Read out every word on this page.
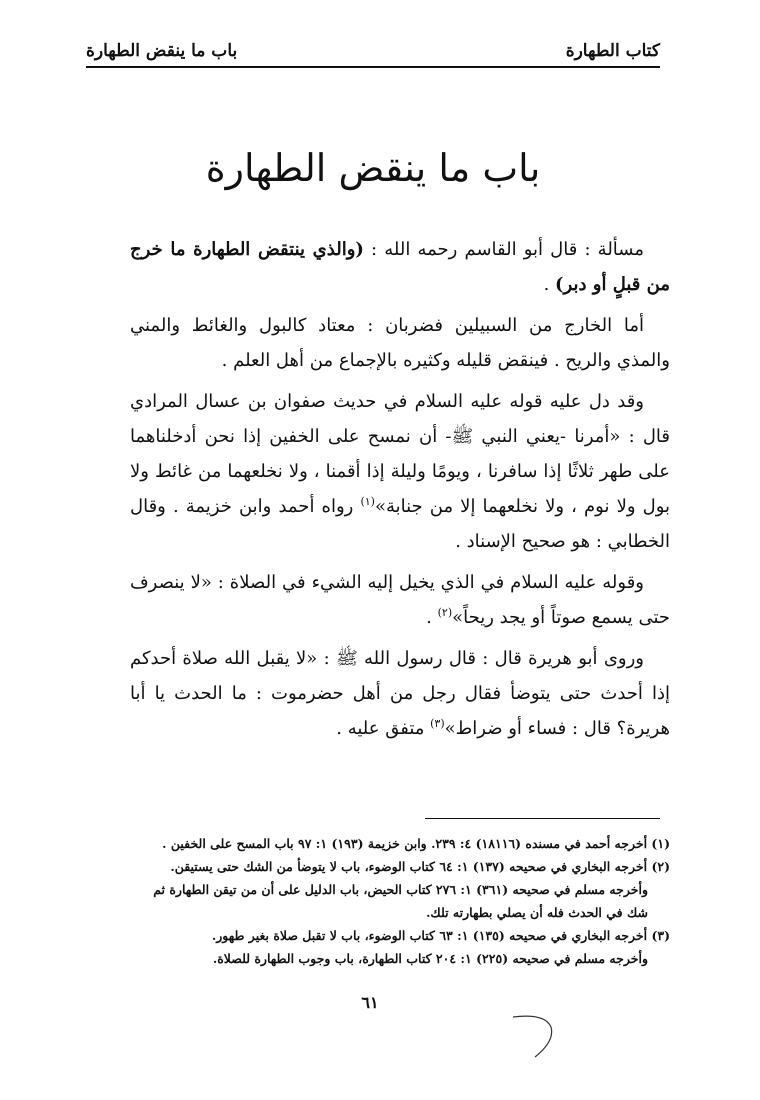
باب ما ينقض الطهارة	كتاب الطهارة
باب ما ينقض الطهارة

مسألة : قال أبو القاسم رحمه الله : (والذي ينتقض الطهارة ما خرج من قبلٍ أو دبر) .

أما الخارج من السبيلين فضربان : معتاد كالبول والغائط والمني والمذي والريح . فينقض قليله وكثيره بالإجماع من أهل العلم .

وقد دل عليه قوله عليه السلام في حديث صفوان بن عسال المرادي قال : «أمرنا -يعني النبي ﷺ- أن نمسح على الخفين إذا نحن أدخلناهما على طهر ثلاثًا إذا سافرنا ، ويومًا وليلة إذا أقمنا ، ولا نخلعهما من غائط ولا بول ولا نوم ، ولا نخلعهما إلا من جنابة»$^{(١)}$ رواه أحمد وابن خزيمة . وقال الخطابي : هو صحيح الإسناد .

وقوله عليه السلام في الذي يخيل إليه الشيء في الصلاة : «لا ينصرف حتى يسمع صوتاً أو يجد ريحاً»$^{(٢)}$ .

وروى أبو هريرة قال : قال رسول الله ﷺ : «لا يقبل الله صلاة أحدكم إذا أحدث حتى يتوضأ فقال رجل من أهل حضرموت : ما الحدث يا أبا هريرة؟ قال : فساء أو ضراط»$^{(٣)}$ متفق عليه .

(١) أخرجه أحمد في مسنده (١٨١١٦) ٤: ٢٣٩. وابن خزيمة (١٩٣) ١: ٩٧ باب المسح على الخفين .

(٢) أخرجه البخاري في صحيحه (١٣٧) ١: ٦٤ كتاب الوضوء، باب لا يتوضأ من الشك حتى يستيقن.

وأخرجه مسلم في صحيحه (٣٦١) ١: ٢٧٦ كتاب الحيض، باب الدليل على أن من تيقن الطهارة ثم شك في الحدث فله أن يصلي بطهارته تلك.

(٣) أخرجه البخاري في صحيحه (١٣٥) ١: ٦٣ كتاب الوضوء، باب لا تقبل صلاة بغير طهور.

وأخرجه مسلم في صحيحه (٢٢٥) ١: ٢٠٤ كتاب الطهارة، باب وجوب الطهارة للصلاة.

٦١
